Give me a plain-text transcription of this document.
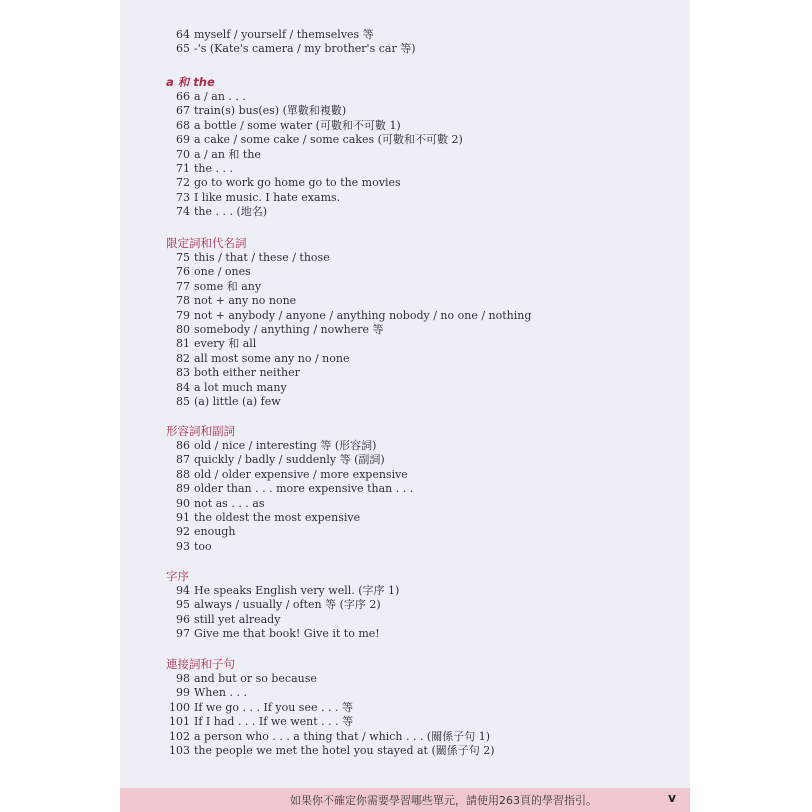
64 myself / yourself / themselves 等
65 -'s (Kate's camera / my brother's car 等)
a 和 the
66 a / an . . .
67 train(s) bus(es) (單數和複數)
68 a bottle / some water (可數和不可數 1)
69 a cake / some cake / some cakes (可數和不可數 2)
70 a / an 和 the
71 the . . .
72 go to work go home go to the movies
73 I like music. I hate exams.
74 the . . . (地名)
限定詞和代名詞
75 this / that / these / those
76 one / ones
77 some 和 any
78 not + any no none
79 not + anybody / anyone / anything nobody / no one / nothing
80 somebody / anything / nowhere 等
81 every 和 all
82 all most some any no / none
83 both either neither
84 a lot much many
85 (a) little (a) few
形容詞和副詞
86 old / nice / interesting 等 (形容詞)
87 quickly / badly / suddenly 等 (副詞)
88 old / older expensive / more expensive
89 older than . . . more expensive than . . .
90 not as . . . as
91 the oldest the most expensive
92 enough
93 too
字序
94 He speaks English very well. (字序 1)
95 always / usually / often 等 (字序 2)
96 still yet already
97 Give me that book! Give it to me!
連接詞和子句
98 and but or so because
99 When . . .
100 If we go . . . If you see . . . 等
101 If I had . . . If we went . . . 等
102 a person who . . . a thing that / which . . . (關係子句 1)
103 the people we met the hotel you stayed at (關係子句 2)
如果你不確定你需要學習哪些單元，請使用263頁的學習指引。	v
